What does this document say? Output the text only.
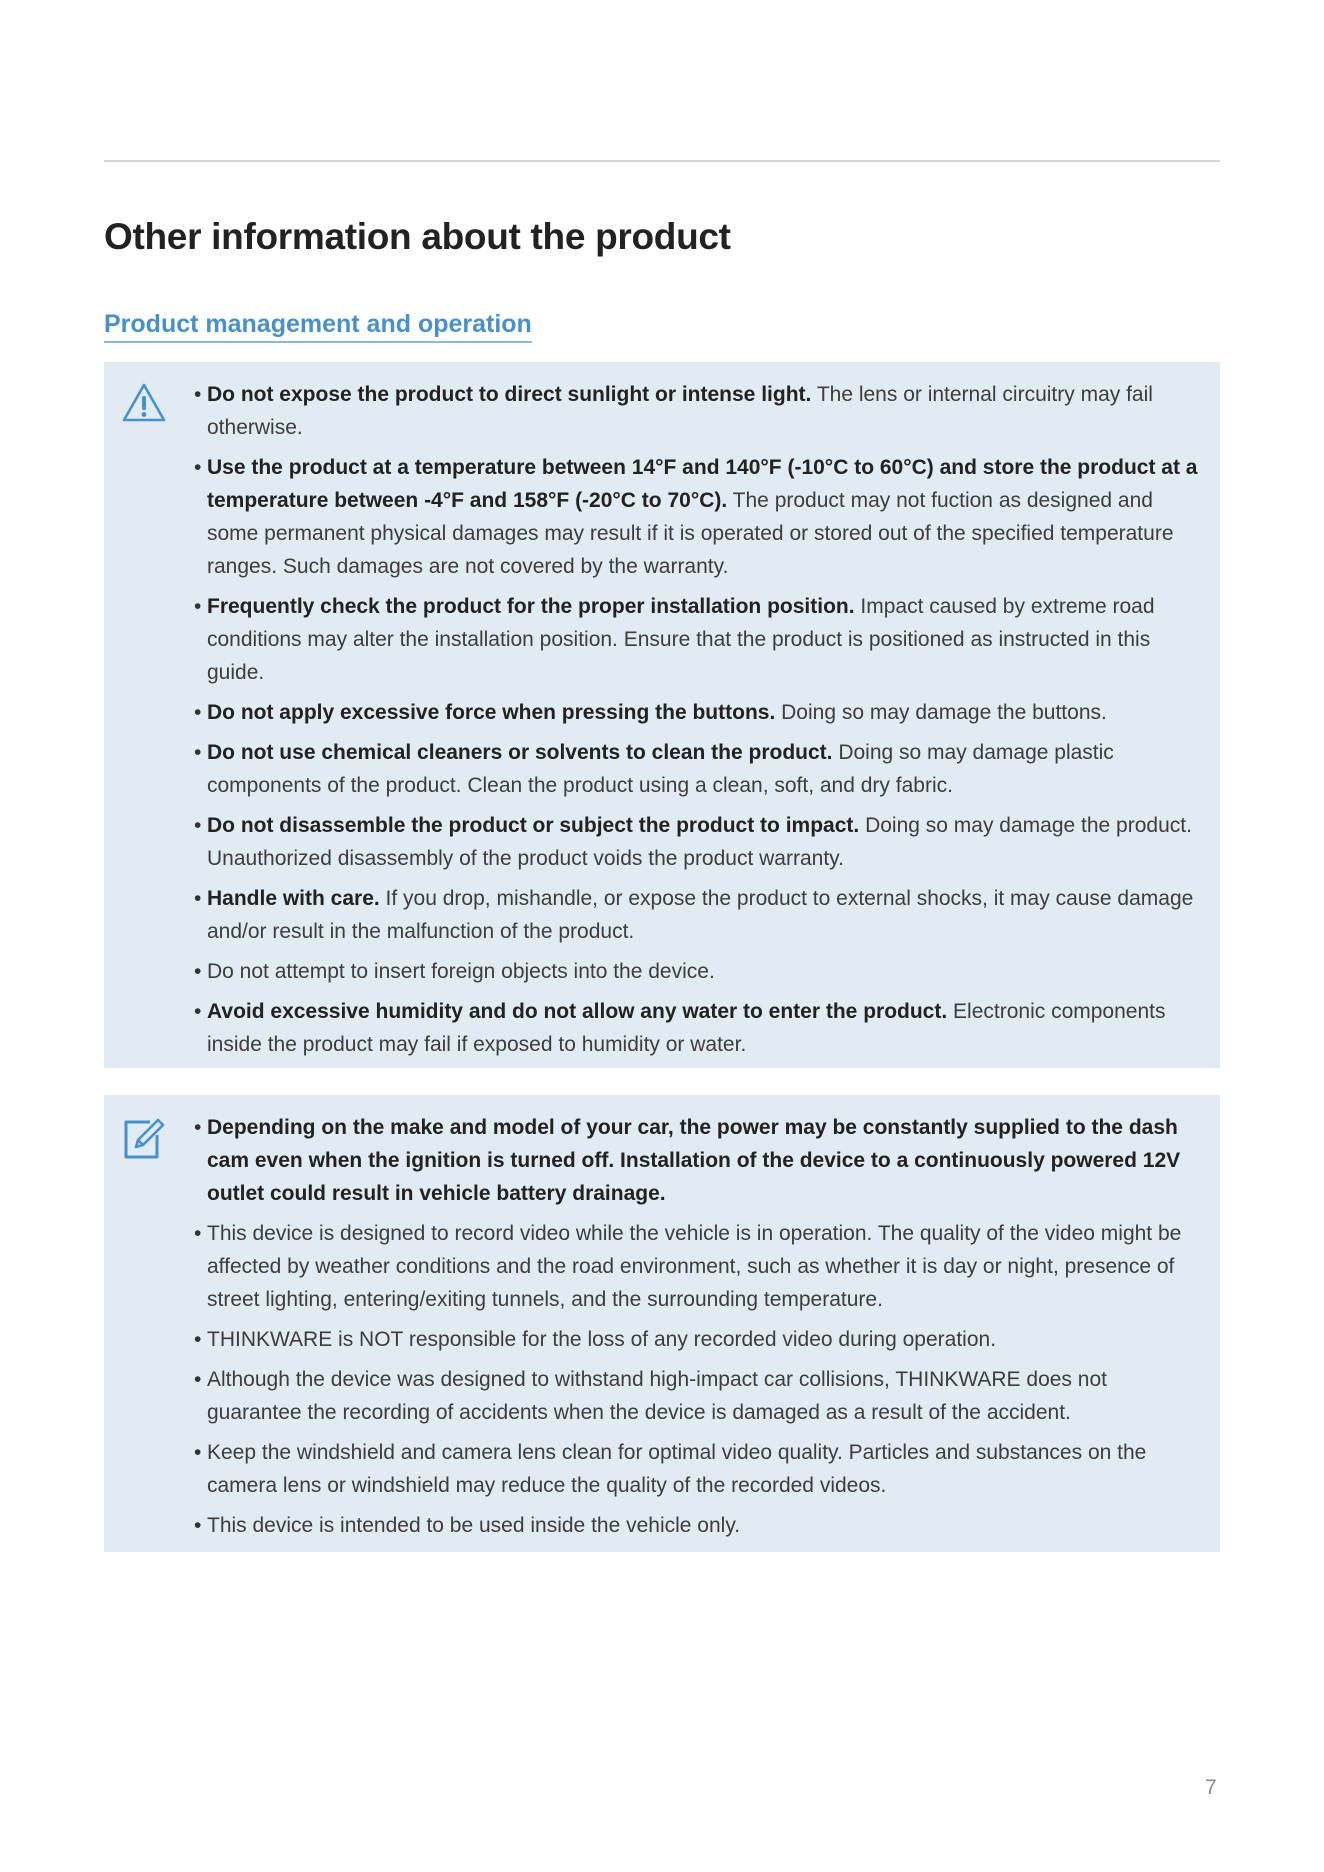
Other information about the product
Product management and operation
• Do not expose the product to direct sunlight or intense light. The lens or internal circuitry may fail otherwise.
• Use the product at a temperature between 14°F and 140°F (-10°C to 60°C) and store the product at a temperature between -4°F and 158°F (-20°C to 70°C). The product may not fuction as designed and some permanent physical damages may result if it is operated or stored out of the specified temperature ranges. Such damages are not covered by the warranty.
• Frequently check the product for the proper installation position. Impact caused by extreme road conditions may alter the installation position. Ensure that the product is positioned as instructed in this guide.
• Do not apply excessive force when pressing the buttons. Doing so may damage the buttons.
• Do not use chemical cleaners or solvents to clean the product. Doing so may damage plastic components of the product. Clean the product using a clean, soft, and dry fabric.
• Do not disassemble the product or subject the product to impact. Doing so may damage the product. Unauthorized disassembly of the product voids the product warranty.
• Handle with care. If you drop, mishandle, or expose the product to external shocks, it may cause damage and/or result in the malfunction of the product.
• Do not attempt to insert foreign objects into the device.
• Avoid excessive humidity and do not allow any water to enter the product. Electronic components inside the product may fail if exposed to humidity or water.
• Depending on the make and model of your car, the power may be constantly supplied to the dash cam even when the ignition is turned off. Installation of the device to a continuously powered 12V outlet could result in vehicle battery drainage.
• This device is designed to record video while the vehicle is in operation. The quality of the video might be affected by weather conditions and the road environment, such as whether it is day or night, presence of street lighting, entering/exiting tunnels, and the surrounding temperature.
• THINKWARE is NOT responsible for the loss of any recorded video during operation.
• Although the device was designed to withstand high-impact car collisions, THINKWARE does not guarantee the recording of accidents when the device is damaged as a result of the accident.
• Keep the windshield and camera lens clean for optimal video quality. Particles and substances on the camera lens or windshield may reduce the quality of the recorded videos.
• This device is intended to be used inside the vehicle only.
7
